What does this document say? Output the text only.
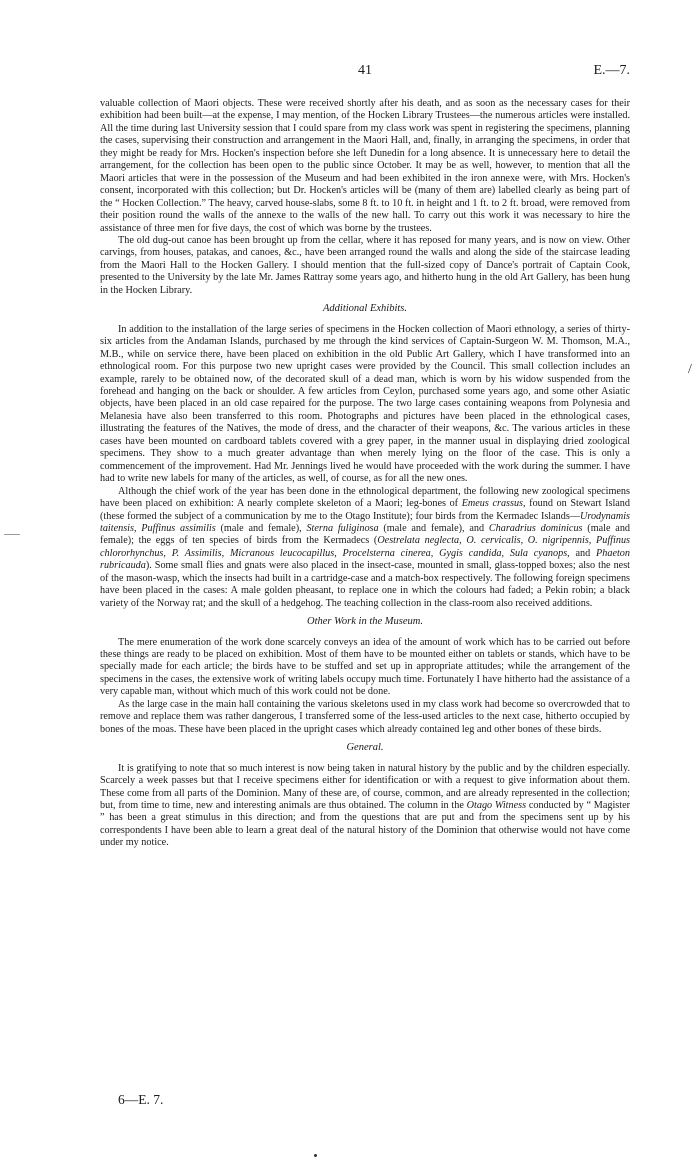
41	E.—7.
/

valuable collection of Maori objects. These were received shortly after his death, and as soon as the necessary cases for their exhibition had been built—at the expense, I may mention, of the Hocken Library Trustees—the numerous articles were installed. All the time during last University session that I could spare from my class work was spent in registering the specimens, planning the cases, supervising their construction and arrangement in the Maori Hall, and, finally, in arranging the specimens, in order that they might be ready for Mrs. Hocken's inspection before she left Dunedin for a long absence. It is unnecessary here to detail the arrangement, for the collection has been open to the public since October. It may be as well, however, to mention that all the Maori articles that were in the possession of the Museum and had been exhibited in the iron annexe were, with Mrs. Hocken's consent, incorporated with this collection; but Dr. Hocken's articles will be (many of them are) labelled clearly as being part of the “ Hocken Collection.” The heavy, carved house-slabs, some 8 ft. to 10 ft. in height and 1 ft. to 2 ft. broad, were removed from their position round the walls of the annexe to the walls of the new hall. To carry out this work it was necessary to hire the assistance of three men for five days, the cost of which was borne by the trustees.

The old dug-out canoe has been brought up from the cellar, where it has reposed for many years, and is now on view. Other carvings, from houses, patakas, and canoes, &c., have been arranged round the walls and along the side of the staircase leading from the Maori Hall to the Hocken Gallery. I should mention that the full-sized copy of Dance's portrait of Captain Cook, presented to the University by the late Mr. James Rattray some years ago, and hitherto hung in the old Art Gallery, has been hung in the Hocken Library.

Additional Exhibits.

In addition to the installation of the large series of specimens in the Hocken collection of Maori ethnology, a series of thirty-six articles from the Andaman Islands, purchased by me through the kind services of Captain-Surgeon W. M. Thomson, M.A., M.B., while on service there, have been placed on exhibition in the old Public Art Gallery, which I have transformed into an ethnological room. For this purpose two new upright cases were provided by the Council. This small collection includes an example, rarely to be obtained now, of the decorated skull of a dead man, which is worn by his widow suspended from the forehead and hanging on the back or shoulder. A few articles from Ceylon, purchased some years ago, and some other Asiatic objects, have been placed in an old case repaired for the purpose. The two large cases containing weapons from Polynesia and Melanesia have also been transferred to this room. Photographs and pictures have been placed in the ethnological cases, illustrating the features of the Natives, the mode of dress, and the character of their weapons, &c. The various articles in these cases have been mounted on cardboard tablets covered with a grey paper, in the manner usual in displaying dried zoological specimens. They show to a much greater advantage than when merely lying on the floor of the case. This is only a commencement of the improvement. Had Mr. Jennings lived he would have proceeded with the work during the summer. I have had to write new labels for many of the articles, as well, of course, as for all the new ones.

Although the chief work of the year has been done in the ethnological department, the following new zoological specimens have been placed on exhibition: A nearly complete skeleton of a Maori; leg-bones of Emeus crassus, found on Stewart Island (these formed the subject of a communication by me to the Otago Institute); four birds from the Kermadec Islands—Urodynamis taitensis, Puffinus assimilis (male and female), Sterna fuliginosa (male and female), and Charadrius dominicus (male and female); the eggs of ten species of birds from the Kermadecs (Oestrelata neglecta, O. cervicalis, O. nigripennis, Puffinus chlororhynchus, P. Assimilis, Micranous leucocapillus, Procelsterna cinerea, Gygis candida, Sula cyanops, and Phaeton rubricauda). Some small flies and gnats were also placed in the insect-case, mounted in small, glass-topped boxes; also the nest of the mason-wasp, which the insects had built in a cartridge-case and a match-box respectively. The following foreign specimens have been placed in the cases: A male golden pheasant, to replace one in which the colours had faded; a Pekin robin; a black variety of the Norway rat; and the skull of a hedgehog. The teaching collection in the class-room also received additions.

Other Work in the Museum.

The mere enumeration of the work done scarcely conveys an idea of the amount of work which has to be carried out before these things are ready to be placed on exhibition. Most of them have to be mounted either on tablets or stands, which have to be specially made for each article; the birds have to be stuffed and set up in appropriate attitudes; while the arrangement of the specimens in the cases, the extensive work of writing labels occupy much time. Fortunately I have hitherto had the assistance of a very capable man, without which much of this work could not be done.

As the large case in the main hall containing the various skeletons used in my class work had become so overcrowded that to remove and replace them was rather dangerous, I transferred some of the less-used articles to the next case, hitherto occupied by bones of the moas. These have been placed in the upright cases which already contained leg and other bones of these birds.

General.

It is gratifying to note that so much interest is now being taken in natural history by the public and by the children especially. Scarcely a week passes but that I receive specimens either for identification or with a request to give information about them. These come from all parts of the Dominion. Many of these are, of course, common, and are already represented in the collection; but, from time to time, new and interesting animals are thus obtained. The column in the Otago Witness conducted by “ Magister ” has been a great stimulus in this direction; and from the questions that are put and from the specimens sent up by his correspondents I have been able to learn a great deal of the natural history of the Dominion that otherwise would not have come under my notice.

6—E. 7.
